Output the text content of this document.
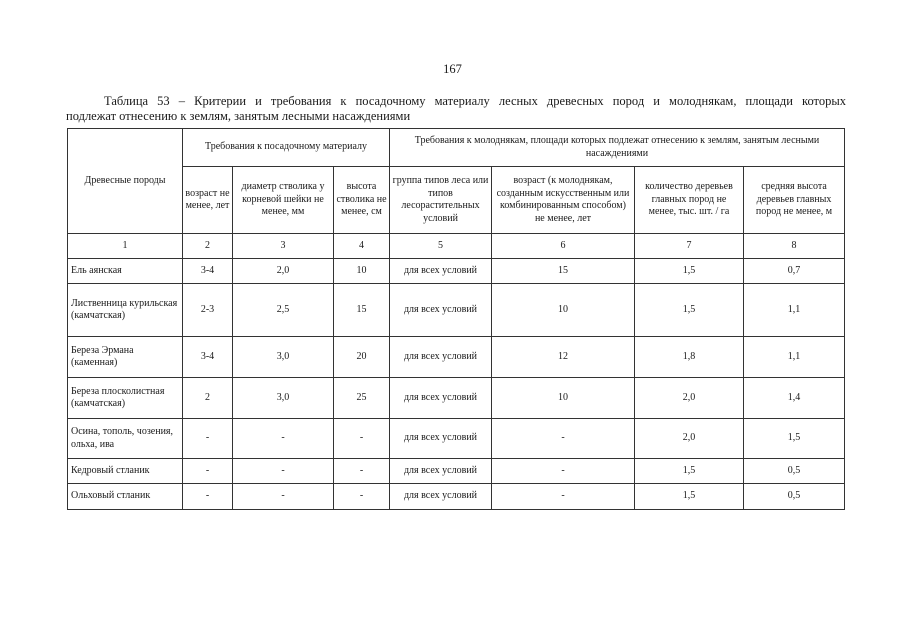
167
Таблица 53 – Критерии и требования к посадочному материалу лесных древесных пород и молоднякам, площади которых
подлежат отнесению к землям, занятым лесными насаждениями
Древесные породы	Требования к посадочному материалу			Требования к молоднякам, площади которых подлежат отнесению к землям, занятым лесными насаждениями			
	возраст не менее, лет	диаметр стволика у корневой шейки не менее, мм	высота стволика не менее, см	группа типов леса или типов лесорастительных условий	возраст (к молоднякам, созданным искусственным или комбинированным способом) не менее, лет	количество деревьев главных пород не менее, тыс. шт. / га	средняя высота деревьев главных пород не менее, м
1	2	3	4	5	6	7	8
Ель аянская	3-4	2,0	10	для всех условий	15	1,5	0,7
Лиственница курильская (камчатская)	2-3	2,5	15	для всех условий	10	1,5	1,1
Береза Эрмана (каменная)	3-4	3,0	20	для всех условий	12	1,8	1,1
Береза плосколистная (камчатская)	2	3,0	25	для всех условий	10	2,0	1,4
Осина, тополь, чозения, ольха, ива	-	-	-	для всех условий	-	2,0	1,5
Кедровый стланик	-	-	-	для всех условий	-	1,5	0,5
Ольховый стланик	-	-	-	для всех условий	-	1,5	0,5
